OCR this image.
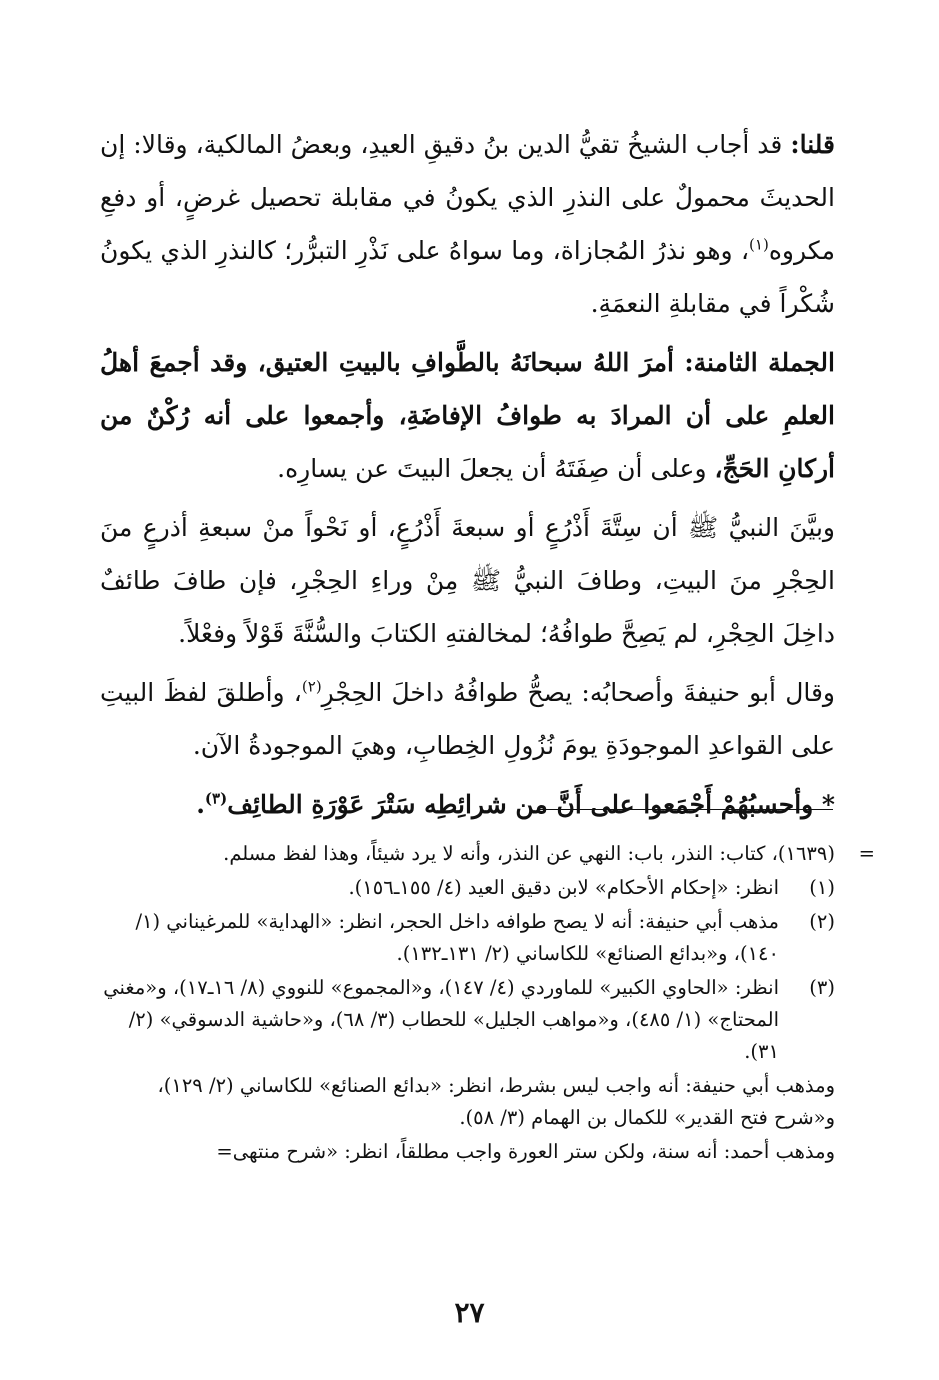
قلنا: قد أجاب الشيخُ تقيُّ الدين بنُ دقيقِ العيدِ، وبعضُ المالكية، وقالا: إن الحديثَ محمولٌ على النذرِ الذي يكونُ في مقابلة تحصيل غرضٍ، أو دفعِ مكروه$^{(١)}$، وهو نذرُ المُجازاة، وما سواهُ على نَذْرِ التبرُّر؛ كالنذرِ الذي يكونُ شُكْراً في مقابلةِ النعمَةِ.

الجملة الثامنة: أمرَ اللهُ سبحانَهُ بالطَّوافِ بالبيتِ العتيق، وقد أجمعَ أهلُ العلمِ على أن المرادَ به طوافُ الإفاضَةِ، وأجمعوا على أنه رُكْنٌ من أركانِ الحَجِّ، وعلى أن صِفَتَهُ أن يجعلَ البيتَ عن يسارِه.

وبيَّنَ النبيُّ ﷺ أن سِتَّةَ أَذْرُعٍ أو سبعةَ أَذْرُعٍ، أو نَحْواً منْ سبعةِ أذرعٍ منَ الحِجْرِ منَ البيتِ، وطافَ النبيُّ ﷺ مِنْ وراءِ الحِجْرِ، فإن طافَ طائفٌ داخِلَ الحِجْرِ، لم يَصِحَّ طوافُهُ؛ لمخالفتهِ الكتابَ والسُّنَّةَ قَوْلاً وفعْلاً.

وقال أبو حنيفةَ وأصحابُه: يصحُّ طوافُهُ داخلَ الحِجْرِ$^{(٢)}$، وأطلقَ لفظَ البيتِ على القواعدِ الموجودَةِ يومَ نُزُولِ الخِطابِ، وهيَ الموجودةُ الآن.

* وأحسبُهُمْ أَجْمَعوا على أَنَّ من شرائِطِه سَتْرَ عَوْرَةِ الطائِف$^{(٣)}$.

=
(١٦٣٩)، كتاب: النذر، باب: النهي عن النذر، وأنه لا يرد شيئاً، وهذا لفظ مسلم.
(١)
انظر: «إحكام الأحكام» لابن دقيق العيد (٤/ ١٥٥ـ١٥٦).
(٢)
مذهب أبي حنيفة: أنه لا يصح طوافه داخل الحجر، انظر: «الهداية» للمرغيناني (١/ ١٤٠)، و«بدائع الصنائع» للكاساني (٢/ ١٣١ـ١٣٢).
(٣)
انظر: «الحاوي الكبير» للماوردي (٤/ ١٤٧)، و«المجموع» للنووي (٨/ ١٦ـ١٧)، و«مغني المحتاج» (١/ ٤٨٥)، و«مواهب الجليل» للحطاب (٣/ ٦٨)، و«حاشية الدسوقي» (٢/ ٣١).
ومذهب أبي حنيفة: أنه واجب ليس بشرط، انظر: «بدائع الصنائع» للكاساني (٢/ ١٢٩)، و«شرح فتح القدير» للكمال بن الهمام (٣/ ٥٨).
ومذهب أحمد: أنه سنة، ولكن ستر العورة واجب مطلقاً، انظر: «شرح منتهى=
٢٧
